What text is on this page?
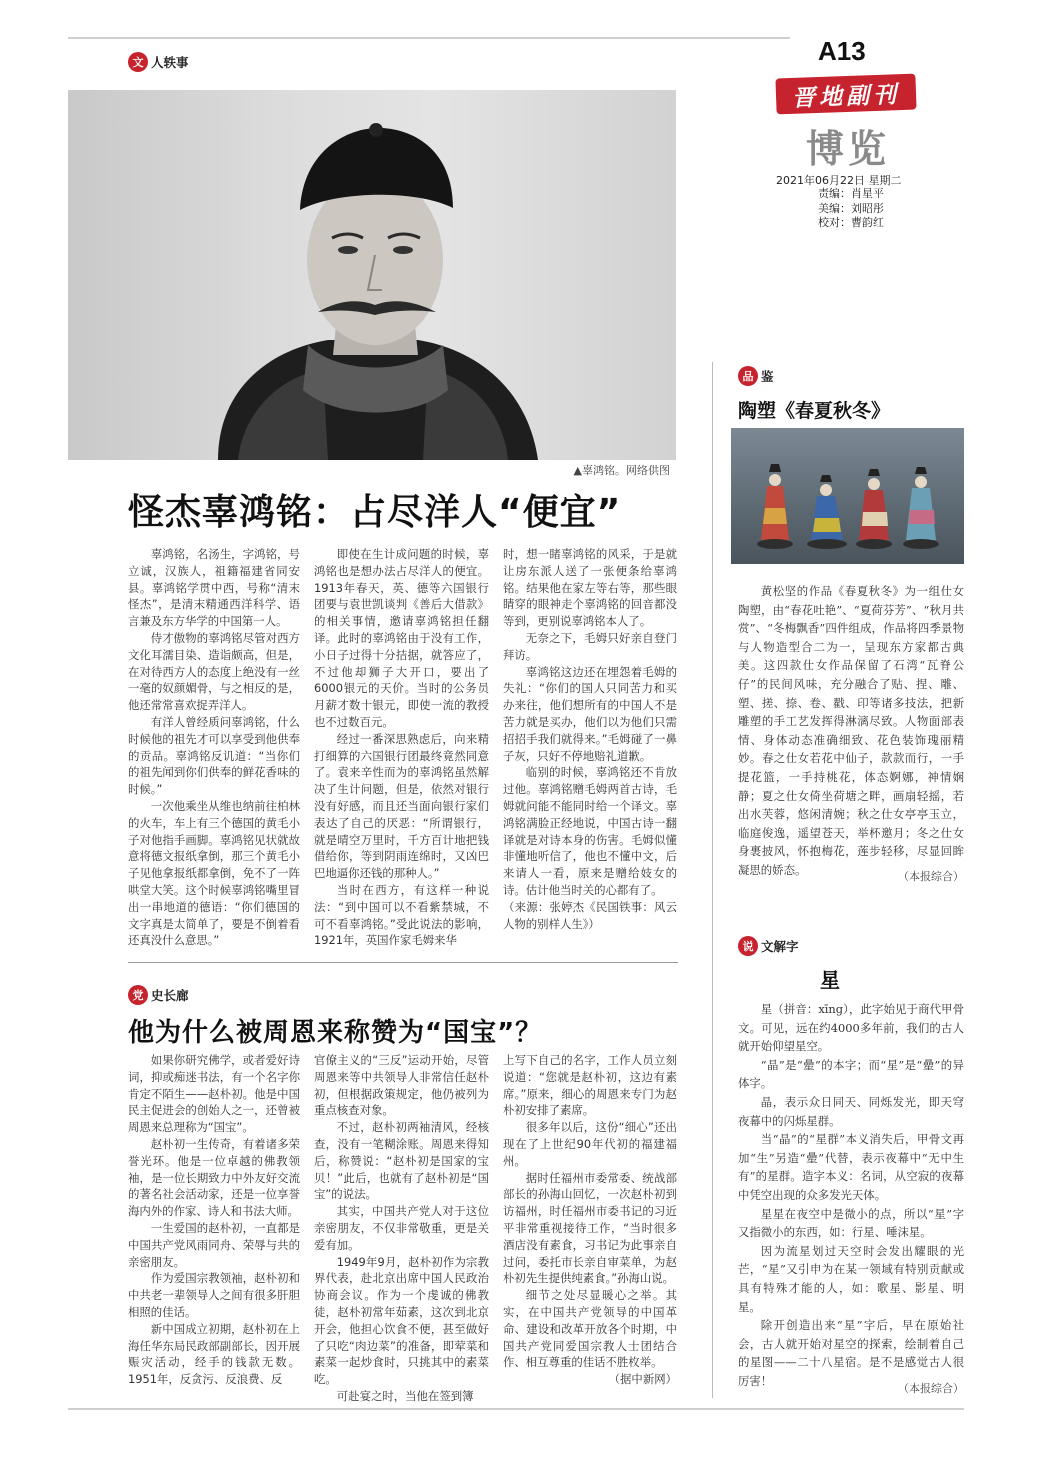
A13
晋地副刊
博览
2021年06月22日 星期二
责编：肖星平
美编：刘昭彤
校对：曹韵红
文 人轶事
▲辜鸿铭。网络供图
怪杰辜鸿铭：占尽洋人“便宜”

辜鸿铭，名汤生，字鸿铭，号立诚，汉族人，祖籍福建省同安县。辜鸿铭学贯中西，号称“清末怪杰”，是清末精通西洋科学、语言兼及东方华学的中国第一人。

侍才傲物的辜鸿铭尽管对西方文化耳濡目染、造诣颇高，但是，在对待西方人的态度上绝没有一丝一毫的奴颜媚骨，与之相反的是，他还常常喜欢捉弄洋人。

有洋人曾经质问辜鸿铭，什么时候他的祖先才可以享受到他供奉的贡品。辜鸿铭反讥道：“当你们的祖先闻到你们供奉的鲜花香味的时候。”

一次他乘坐从维也纳前往柏林的火车，车上有三个德国的黄毛小子对他指手画脚。辜鸿铭见状就故意将德文报纸拿倒，那三个黄毛小子见他拿报纸都拿倒，免不了一阵哄堂大笑。这个时候辜鸿铭嘴里冒出一串地道的德语：“你们德国的文字真是太简单了，要是不倒着看还真没什么意思。”

即使在生计成问题的时候，辜鸿铭也是想办法占尽洋人的便宜。1913年春天，英、德等六国银行团要与袁世凯谈判《善后大借款》的相关事情，邀请辜鸿铭担任翻译。此时的辜鸿铭由于没有工作，小日子过得十分拮据，就答应了，不过他却狮子大开口，要出了6000银元的天价。当时的公务员月薪才数十银元，即使一流的教授也不过数百元。

经过一番深思熟虑后，向来精打细算的六国银行团最终竟然同意了。袁来辛性而为的辜鸿铭虽然解决了生计问题，但是，依然对银行没有好感，而且还当面向银行家们表达了自己的厌恶：“所谓银行，就是晴空万里时，千方百计地把钱借给你，等到阴雨连绵时，又凶巴巴地逼你还钱的那种人。”

当时在西方，有这样一种说法：“到中国可以不看紫禁城，不可不看辜鸿铭。”受此说法的影响，1921年，英国作家毛姆来华

时，想一睹辜鸿铭的风采，于是就让房东派人送了一张便条给辜鸿铭。结果他在家左等右等，那些眼睛穿的眼神走个辜鸿铭的回音都没等到，更别说辜鸿铭本人了。

无奈之下，毛姆只好亲自登门拜访。

辜鸿铭这边还在埋怨着毛姆的失礼：“你们的国人只同苦力和买办来往，他们想所有的中国人不是苦力就是买办，他们以为他们只需招招手我们就得来。”毛姆碰了一鼻子灰，只好不停地赔礼道歉。

临别的时候，辜鸿铭还不肯放过他。辜鸿铭赠毛姆两首古诗，毛姆就问能不能同时给一个译文。辜鸿铭满脸正经地说，中国古诗一翻译就是对诗本身的伤害。毛姆似懂非懂地听信了，他也不懂中文，后来请人一看，原来是赠给妓女的诗。估计他当时关的心都有了。

（来源：张婷杰《民国铁事：风云人物的别样人生》）

党 史长廊
他为什么被周恩来称赞为“国宝”？

如果你研究佛学，或者爱好诗词，抑或痴迷书法，有一个名字你肯定不陌生——赵朴初。他是中国民主促进会的创始人之一，还曾被周恩来总理称为“国宝”。

赵朴初一生传奇，有着诸多荣誉光环。他是一位卓越的佛教领袖，是一位长期致力中外友好交流的著名社会活动家，还是一位享誉海内外的作家、诗人和书法大师。

一生爱国的赵朴初，一直都是中国共产党风雨同舟、荣辱与共的亲密朋友。

作为爱国宗教领袖，赵朴初和中共老一辈领导人之间有很多肝胆相照的佳话。

新中国成立初期，赵朴初在上海任华东局民政部副部长，因开展赈灾活动，经手的钱款无数。1951年，反贪污、反浪费、反

官僚主义的“三反”运动开始，尽管周恩来等中共领导人非常信任赵朴初，但根据政策规定，他仍被列为重点核查对象。

不过，赵朴初两袖清风，经核查，没有一笔糊涂账。周恩来得知后，称赞说：“赵朴初是国家的宝贝！”此后，也就有了赵朴初是“国宝”的说法。

其实，中国共产党人对于这位亲密朋友，不仅非常敬重，更是关爱有加。

1949年9月，赵朴初作为宗教界代表，赴北京出席中国人民政治协商会议。作为一个虔诚的佛教徒，赵朴初常年茹素，这次到北京开会，他担心饮食不便，甚至做好了只吃“肉边菜”的准备，即荤菜和素菜一起炒食时，只挑其中的素菜吃。

可赴宴之时，当他在签到簿

上写下自己的名字，工作人员立刻说道：“您就是赵朴初，这边有素席。”原来，细心的周恩来专门为赵朴初安排了素席。

很多年以后，这份“细心”还出现在了上世纪90年代初的福建福州。

据时任福州市委常委、统战部部长的孙海山回忆，一次赵朴初到访福州，时任福州市委书记的习近平非常重视接待工作，“当时很多酒店没有素食，习书记为此事亲自过问，委托市长亲自审菜单，为赵朴初先生提供纯素食。”孙海山说。

细节之处尽显暖心之举。其实，在中国共产党领导的中国革命、建设和改革开放各个时期，中国共产党同爱国宗教人士团结合作、相互尊重的佳话不胜枚举。

（据中新网）

品 鉴
陶塑《春夏秋冬》

黄松坚的作品《春夏秋冬》为一组仕女陶塑，由“春花吐艳”、“夏荷芬芳”、“秋月共赏”、“冬梅飘香”四件组成，作品将四季景物与人物造型合二为一，呈现东方家都古典美。这四款仕女作品保留了石湾“瓦脊公仔”的民间风味，充分融合了贴、捏、雕、塑、搓、捺、卷、戳、印等诸多技法，把新雕塑的手工艺发挥得淋漓尽致。人物面部表情、身体动态准确细致、花色装饰瑰丽精妙。春之仕女若花中仙子，款款而行，一手提花篮，一手持桃花，体态婀娜，神情娴静；夏之仕女倚坐荷塘之畔，画扇轻摇，若出水芙蓉，悠闲清婉；秋之仕女亭亭玉立，临庭俊逸，遥望苍天，举杯邀月；冬之仕女身裹披风，怀抱梅花，莲步轻移，尽显回眸凝思的娇态。	（本报综合）
说 文解字
星

星（拼音：xīng），此字始见于商代甲骨文。可见，远在约4000多年前，我们的古人就开始仰望星空。

“晶”是“曐”的本字；而“星”是“曐”的异体字。

晶，表示众日同天、同烁发光，即天穹夜幕中的闪烁星群。

当“晶”的“星群”本义消失后，甲骨文再加“生”另造“曐”代替，表示夜幕中“无中生有”的星群。造字本义：名词，从空寂的夜幕中凭空出现的众多发光天体。

星星在夜空中是微小的点，所以“星”字又指微小的东西，如：行星、唾沫星。

因为流星划过天空时会发出耀眼的光芒，“星”又引申为在某一领域有特别贡献或具有特殊才能的人，如：歌星、影星、明星。

除开创造出来“星”字后，早在原始社会，古人就开始对星空的探索，绘制着自己的星图——二十八星宿。是不是感觉古人很厉害！

（本报综合）
